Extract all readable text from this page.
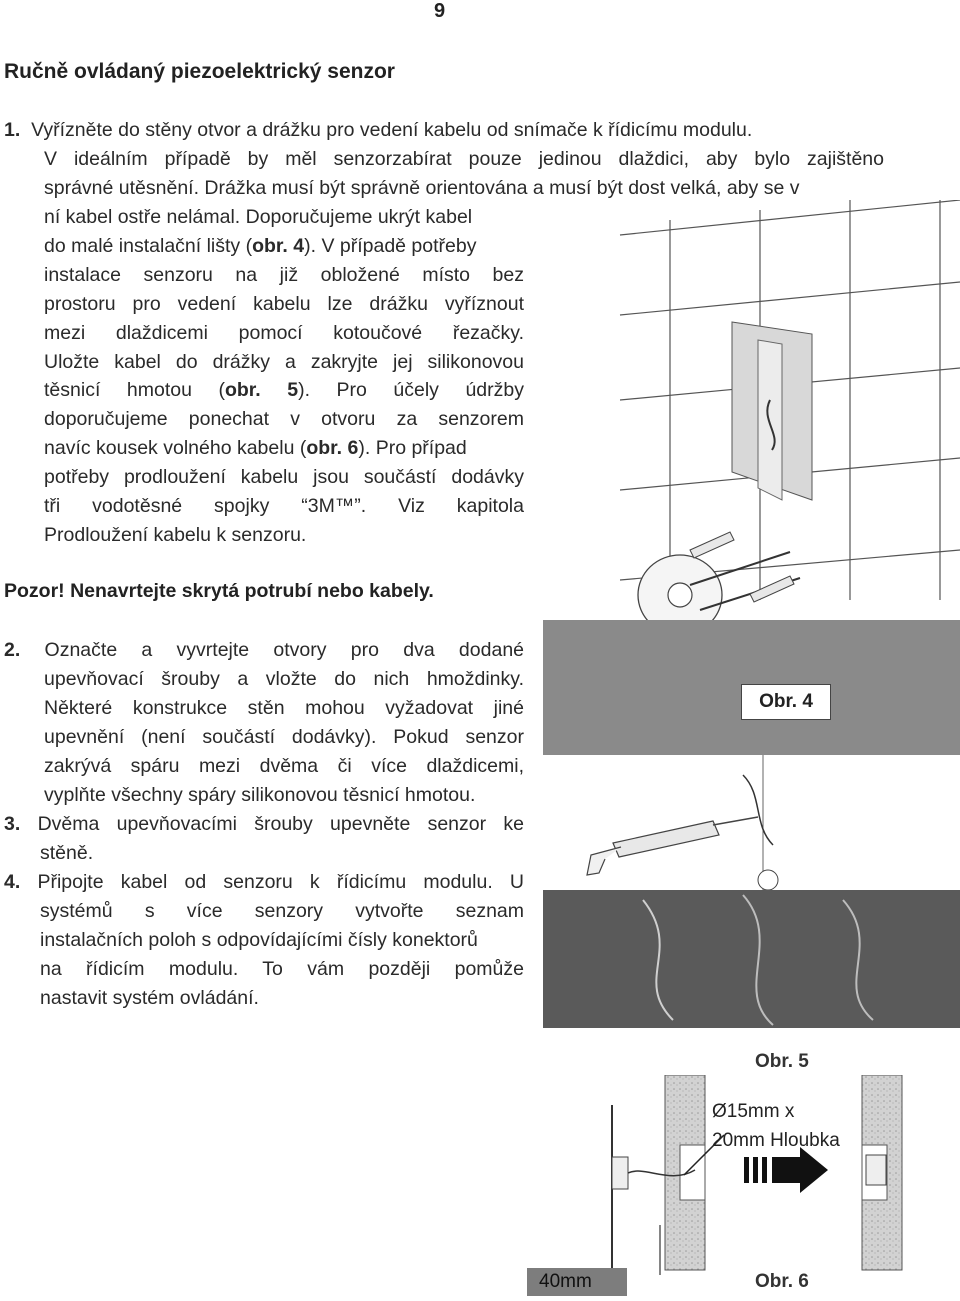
9
Ručně ovládaný piezoelektrický senzor
1. Vyřízněte do stěny otvor a drážku pro vedení kabelu od snímače k řídicímu modulu.
V ideálním případě by měl senzorzabírat pouze jedinou dlaždici, aby bylo zajištěno
správné utěsnění. Drážka musí být správně orientována a musí být dost velká, aby se v
ní kabel ostře nelámal. Doporučujeme ukrýt kabel
do malé instalační lišty (obr. 4). V případě potřeby
instalace senzoru na již obložené místo bez
prostoru pro vedení kabelu lze drážku vyříznout
mezi dlaždicemi pomocí kotoučové řezačky.
Uložte kabel do drážky a zakryjte jej silikonovou
těsnicí hmotou (obr. 5). Pro účely údržby
doporučujeme ponechat v otvoru za senzorem
navíc kousek volného kabelu (obr. 6). Pro případ
potřeby prodloužení kabelu jsou součástí dodávky
tři vodotěsné spojky “3M™”. Viz kapitola
Prodloužení kabelu k senzoru.
Pozor! Nenavrtejte skrytá potrubí nebo kabely.
2. Označte a vyvrtejte otvory pro dva dodané
upevňovací šrouby a vložte do nich hmoždinky.
Některé konstrukce stěn mohou vyžadovat jiné
upevnění (není součástí dodávky). Pokud senzor
zakrývá spáru mezi dvěma či více dlaždicemi,
vyplňte všechny spáry silikonovou těsnicí hmotou.
3. Dvěma upevňovacími šrouby upevněte senzor ke
stěně.
4. Připojte kabel od senzoru k řídicímu modulu. U
systémů s více senzory vytvořte seznam
instalačních poloh s odpovídajícími čísly konektorů
na řídicím modulu. To vám později pomůže
nastavit systém ovládání.
Obr. 4
Obr. 5
Ø15mm x
20mm Hloubka
40mm	Obr. 6
